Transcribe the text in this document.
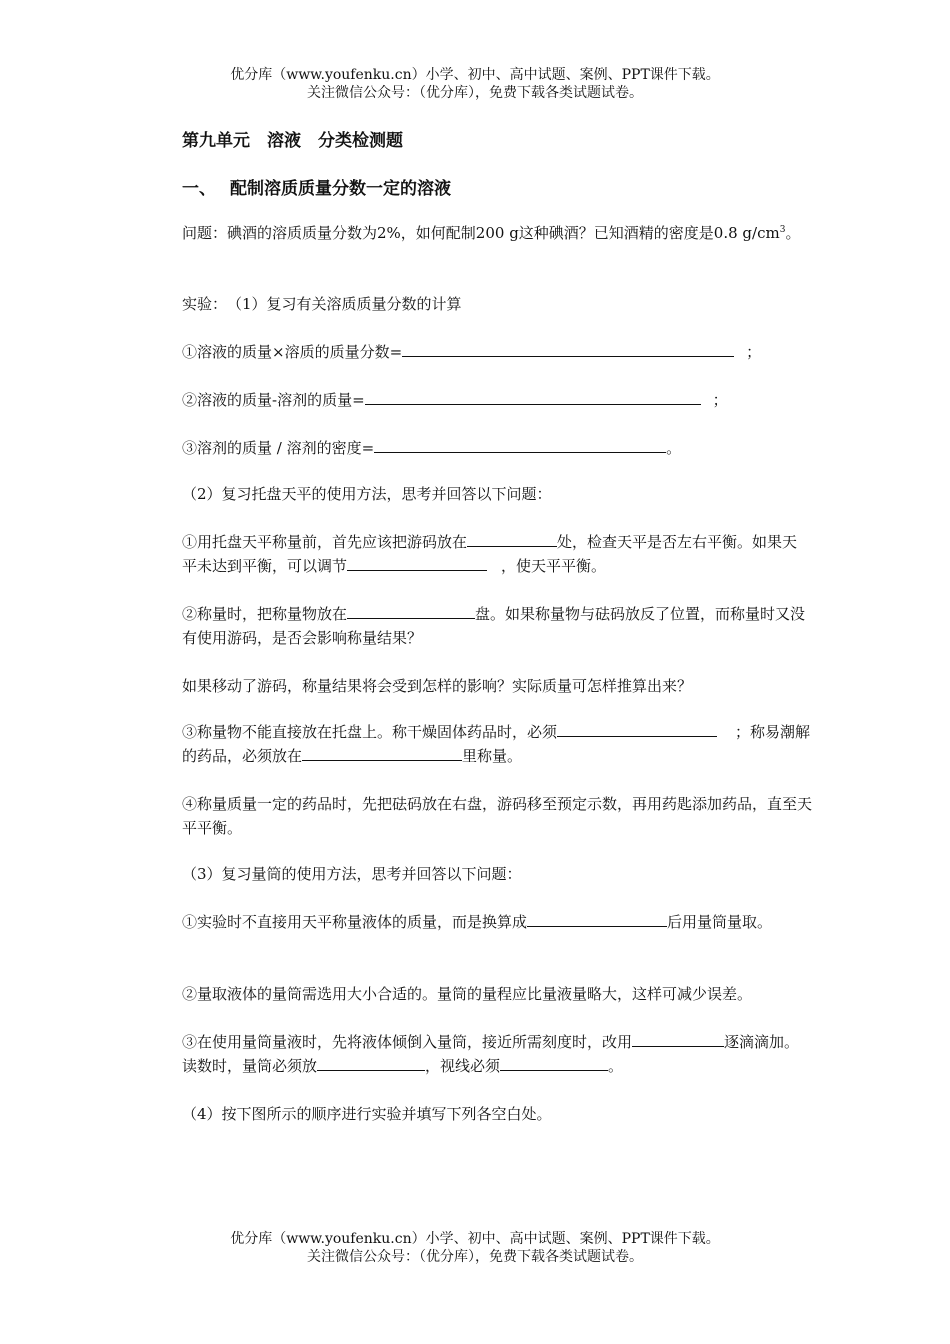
优分库（www.youfenku.cn）小学、初中、高中试题、案例、PPT课件下载。
关注微信公众号：（优分库），免费下载各类试题试卷。
第九单元　溶液　分类检测题
一、 配制溶质质量分数一定的溶液
问题：碘酒的溶质质量分数为2%，如何配制200 g这种碘酒？已知酒精的密度是0.8 $g/cm^3$。
实验：　（1）复习有关溶质质量分数的计算
①溶液的质量×溶质的质量分数=	；
②溶液的质量-溶剂的质量=	；
③溶剂的质量 / 溶剂的密度=	。
（2）复习托盘天平的使用方法，思考并回答以下问题：
①用托盘天平称量前，首先应该把游码放在	处，检查天平是否左右平衡。如果天平未达到平衡，可以调节	，使天平平衡。
②称量时，把称量物放在	盘。如果称量物与砝码放反了位置，而称量时又没有使用游码，是否会影响称量结果？
如果移动了游码，称量结果将会受到怎样的影响？实际质量可怎样推算出来？
③称量物不能直接放在托盘上。称干燥固体药品时，必须	；称易潮解的药品，必须放在	里称量。
④称量质量一定的药品时，先把砝码放在右盘，游码移至预定示数，再用药匙添加药品，直至天平平衡。
（3）复习量筒的使用方法，思考并回答以下问题：
①实验时不直接用天平称量液体的质量，而是换算成	后用量筒量取。
②量取液体的量筒需选用大小合适的。量筒的量程应比量液量略大，这样可减少误差。
③在使用量筒量液时，先将液体倾倒入量筒，接近所需刻度时，改用	逐滴滴加。读数时，量筒必须放	，视线必须	。
（4）按下图所示的顺序进行实验并填写下列各空白处。
优分库（www.youfenku.cn）小学、初中、高中试题、案例、PPT课件下载。
关注微信公众号：（优分库），免费下载各类试题试卷。
